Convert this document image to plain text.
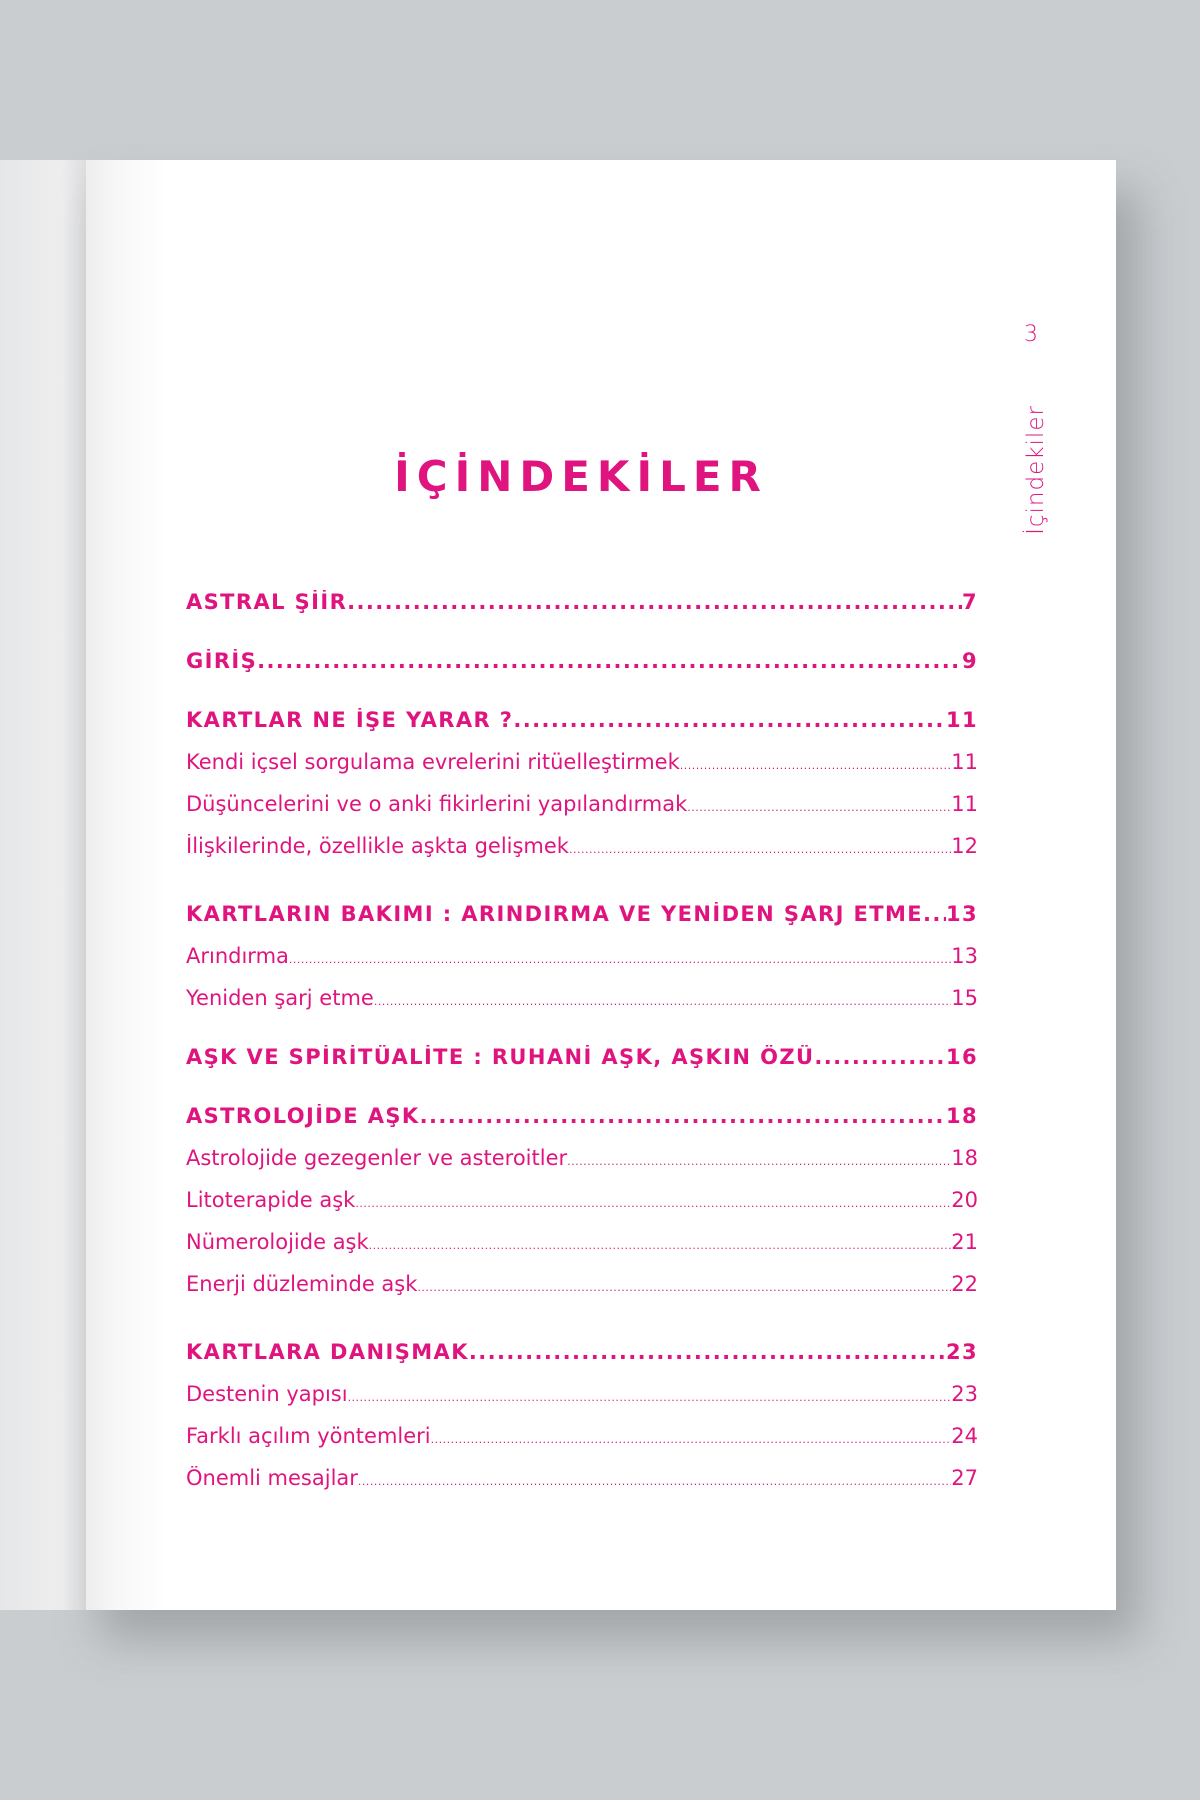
3
İçindekiler
İÇİNDEKİLER
ASTRAL ŞİİR .....	7
GİRİŞ .....	9
KARTLAR NE İŞE YARAR ? .....	11
Kendi içsel sorgulama evrelerini ritüelleştirmek .....	11
Düşüncelerini ve o anki fikirlerini yapılandırmak .....	11
İlişkilerinde, özellikle aşkta gelişmek .....	12
KARTLARIN BAKIMI : ARINDIRMA VE YENİDEN ŞARJ ETME ..... 13
Arındırma .....	13
Yeniden şarj etme .....	15
AŞK VE SPİRİTÜALİTE : RUHANİ AŞK, AŞKIN ÖZÜ .....	16
ASTROLOJİDE AŞK .....	18
Astrolojide gezegenler ve asteroitler .....	18
Litoterapide aşk .....	20
Nümerolojide aşk .....	21
Enerji düzleminde aşk .....	22
KARTLARA DANIŞMAK .....	23
Destenin yapısı .....	23
Farklı açılım yöntemleri .....	24
Önemli mesajlar .....	27
